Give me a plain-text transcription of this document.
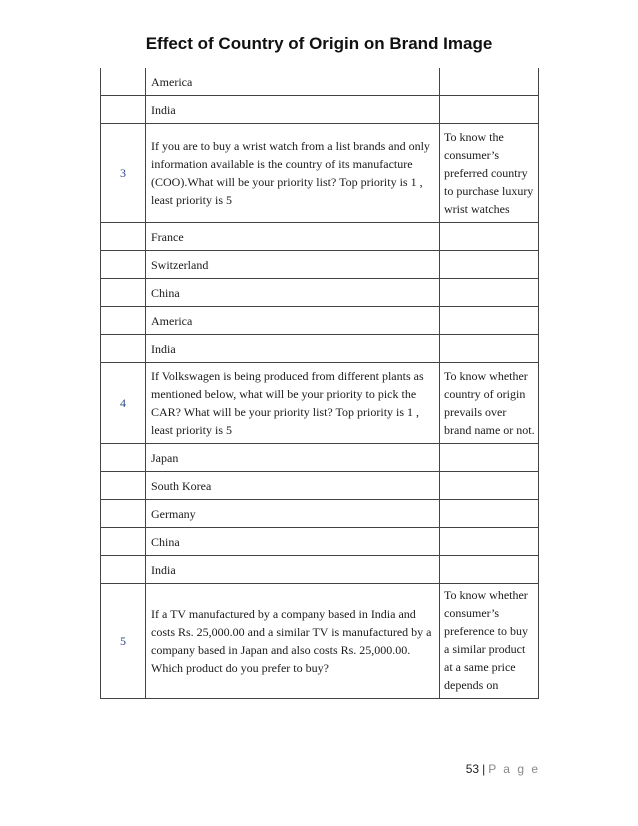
Effect of Country of Origin on Brand Image
	America	
	India	
3	If you are to buy a wrist watch from a list brands and only information available is the country of its manufacture (COO).What will be your priority list? Top priority is 1 , least priority is 5	To know the consumer’s preferred country to purchase luxury wrist watches
	France	
	Switzerland	
	China	
	America	
	India	
4	If Volkswagen is being produced from different plants as mentioned below, what will be your priority to pick the CAR? What will be your priority list? Top priority is 1 , least priority is 5	To know whether country of origin prevails over brand name or not.
	Japan	
	South Korea	
	Germany	
	China	
	India	
5	If a TV manufactured by a company based in India and costs Rs. 25,000.00 and a similar TV is manufactured by a company based in Japan and also costs Rs. 25,000.00. Which product do you prefer to buy?	To know whether consumer’s preference to buy a similar product at a same price depends on
53 | P a g e
